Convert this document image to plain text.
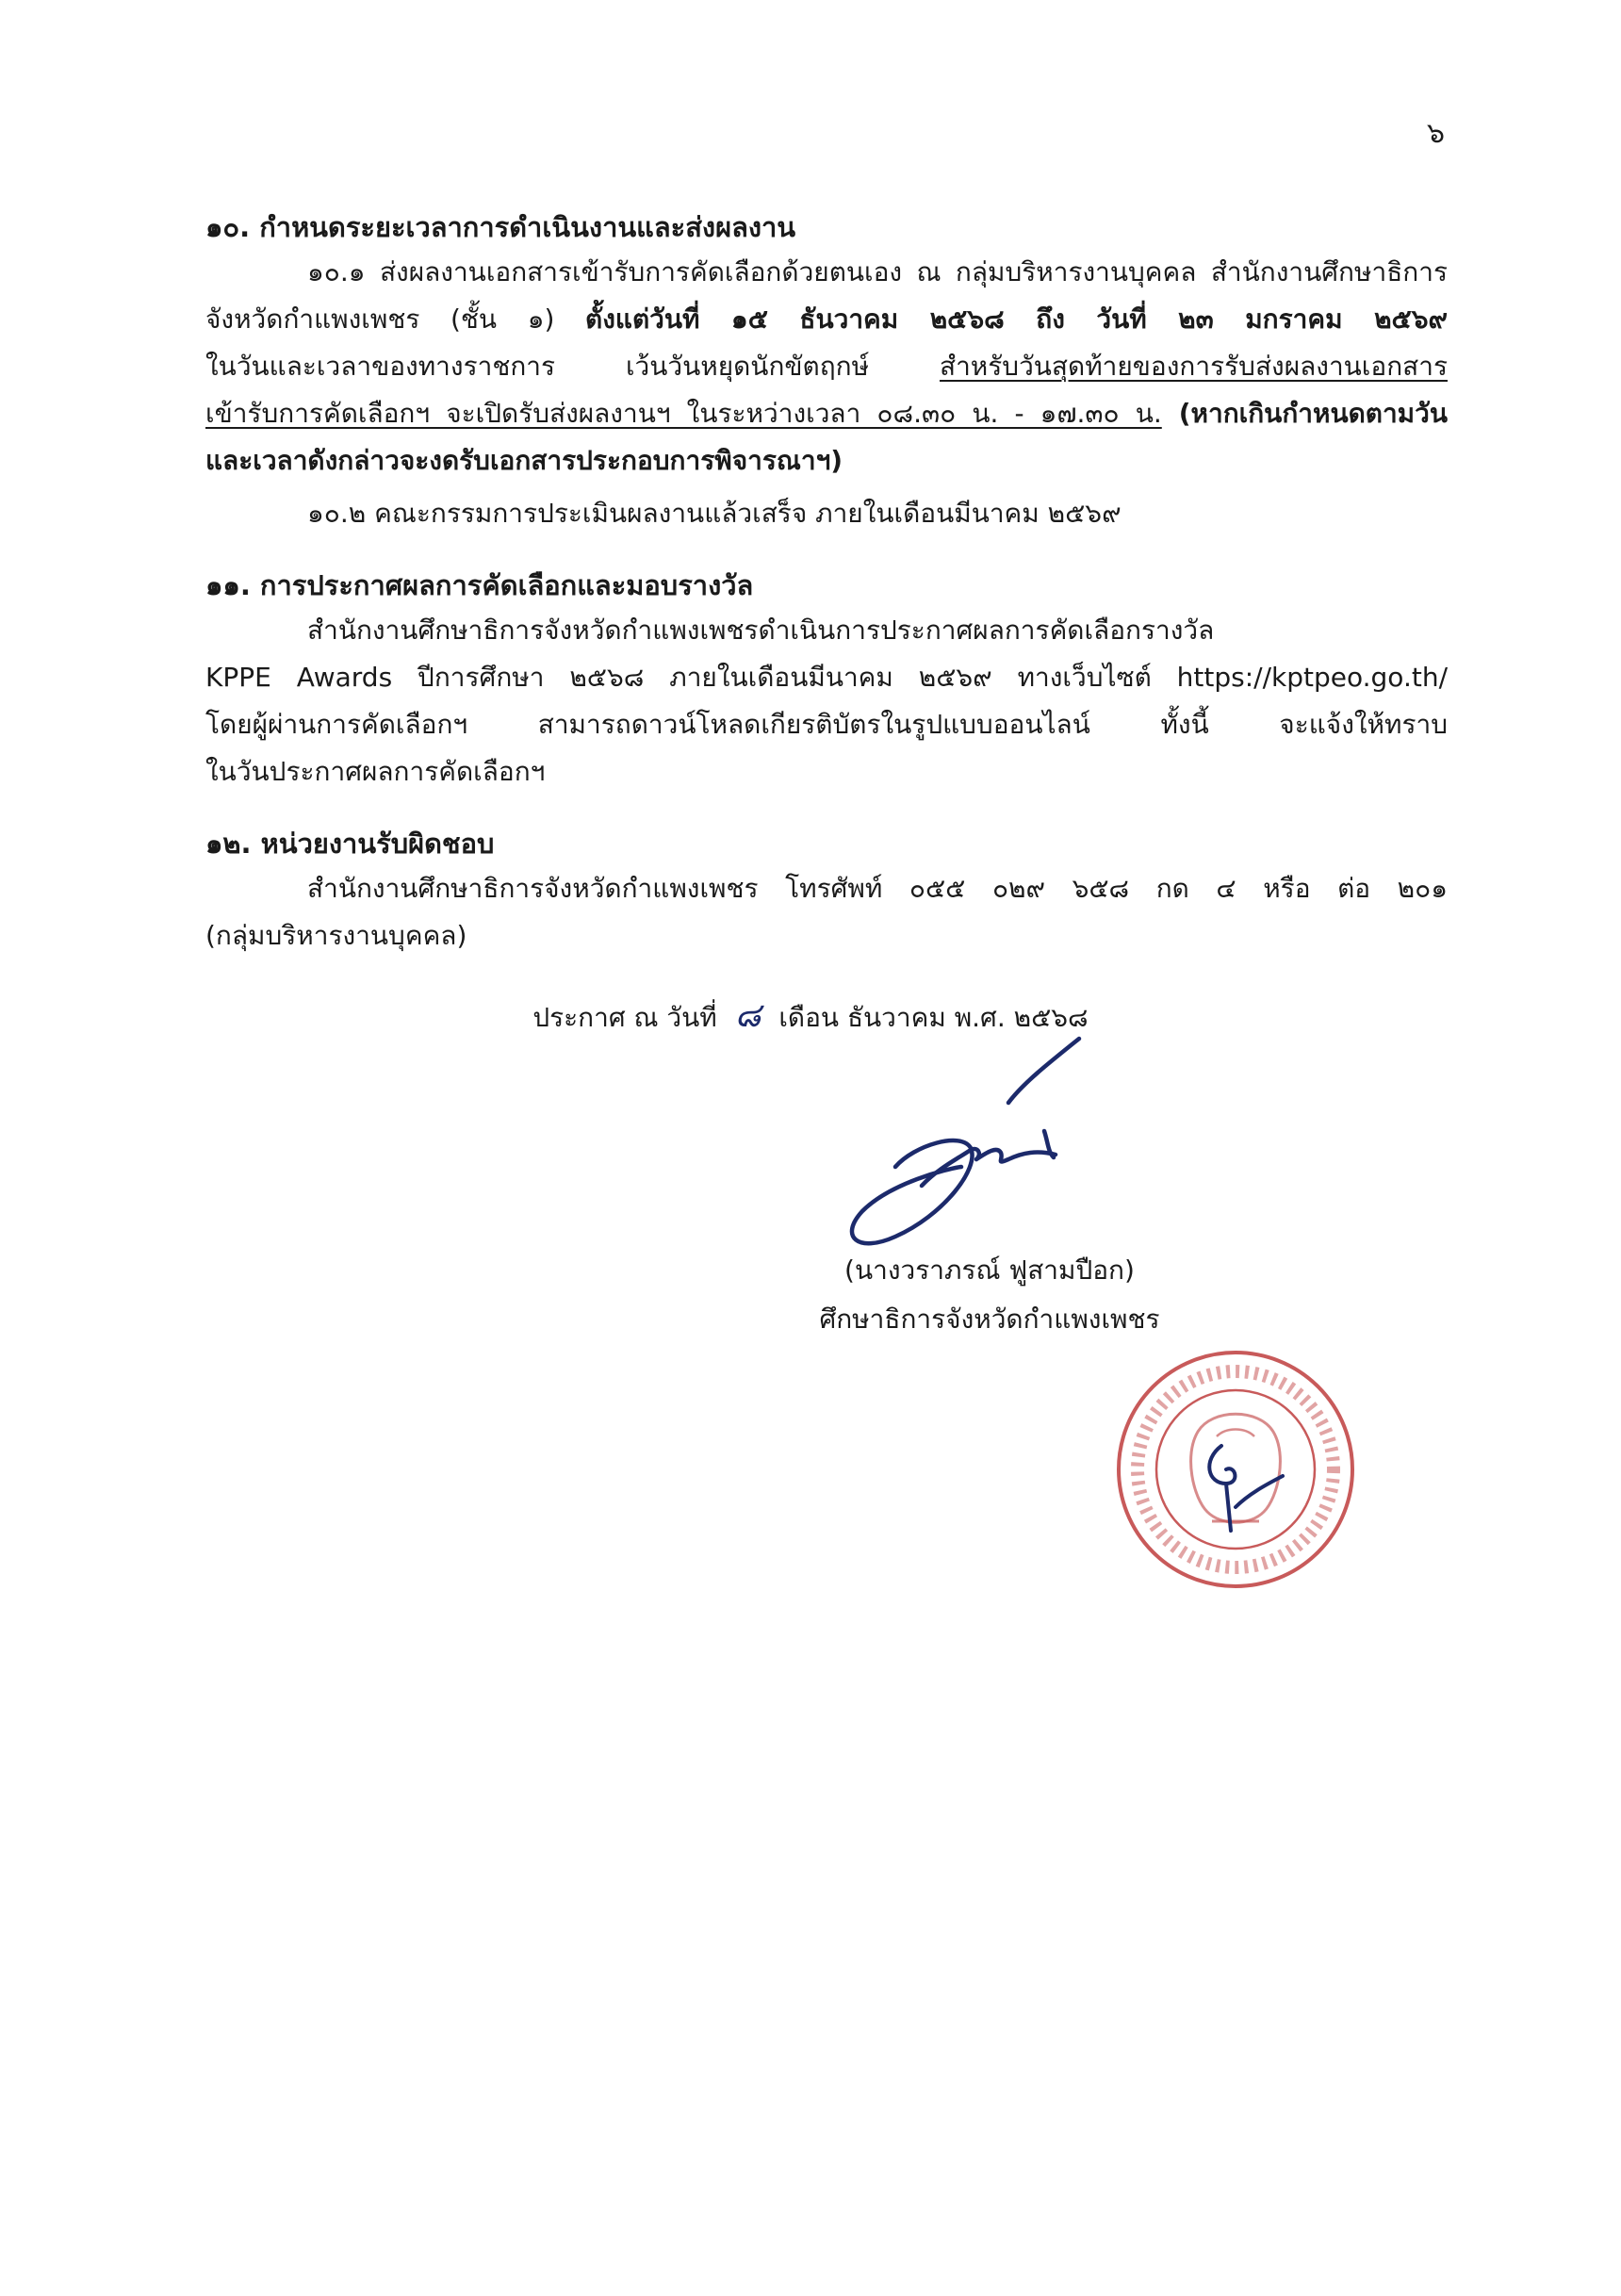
๖
๑๐. กำหนดระยะเวลาการดำเนินงานและส่งผลงาน
๑๐.๑ ส่งผลงานเอกสารเข้ารับการคัดเลือกด้วยตนเอง ณ กลุ่มบริหารงานบุคคล สำนักงานศึกษาธิการ
จังหวัดกำแพงเพชร (ชั้น ๑) ตั้งแต่วันที่ ๑๕ ธันวาคม ๒๕๖๘ ถึง วันที่ ๒๓ มกราคม ๒๕๖๙
ในวันและเวลาของทางราชการ เว้นวันหยุดนักขัตฤกษ์ สำหรับวันสุดท้ายของการรับส่งผลงานเอกสาร
เข้ารับการคัดเลือกฯ จะเปิดรับส่งผลงานฯ ในระหว่างเวลา ๐๘.๓๐ น. - ๑๗.๓๐ น. (หากเกินกำหนดตามวัน
และเวลาดังกล่าวจะงดรับเอกสารประกอบการพิจารณาฯ)
๑๐.๒ คณะกรรมการประเมินผลงานแล้วเสร็จ ภายในเดือนมีนาคม ๒๕๖๙
๑๑. การประกาศผลการคัดเลือกและมอบรางวัล
สำนักงานศึกษาธิการจังหวัดกำแพงเพชรดำเนินการประกาศผลการคัดเลือกรางวัล
KPPE Awards ปีการศึกษา ๒๕๖๘ ภายในเดือนมีนาคม ๒๕๖๙ ทางเว็บไซต์ https://kptpeo.go.th/
โดยผู้ผ่านการคัดเลือกฯ สามารถดาวน์โหลดเกียรติบัตรในรูปแบบออนไลน์ ทั้งนี้ จะแจ้งให้ทราบ
ในวันประกาศผลการคัดเลือกฯ
๑๒. หน่วยงานรับผิดชอบ
สำนักงานศึกษาธิการจังหวัดกำแพงเพชร โทรศัพท์ ๐๕๕ ๐๒๙ ๖๕๘ กด ๔ หรือ ต่อ ๒๐๑
(กลุ่มบริหารงานบุคคล)
ประกาศ ณ วันที่ ๘ เดือน ธันวาคม พ.ศ. ๒๕๖๘
(นางวราภรณ์ ฟูสามปือก)
ศึกษาธิการจังหวัดกำแพงเพชร
